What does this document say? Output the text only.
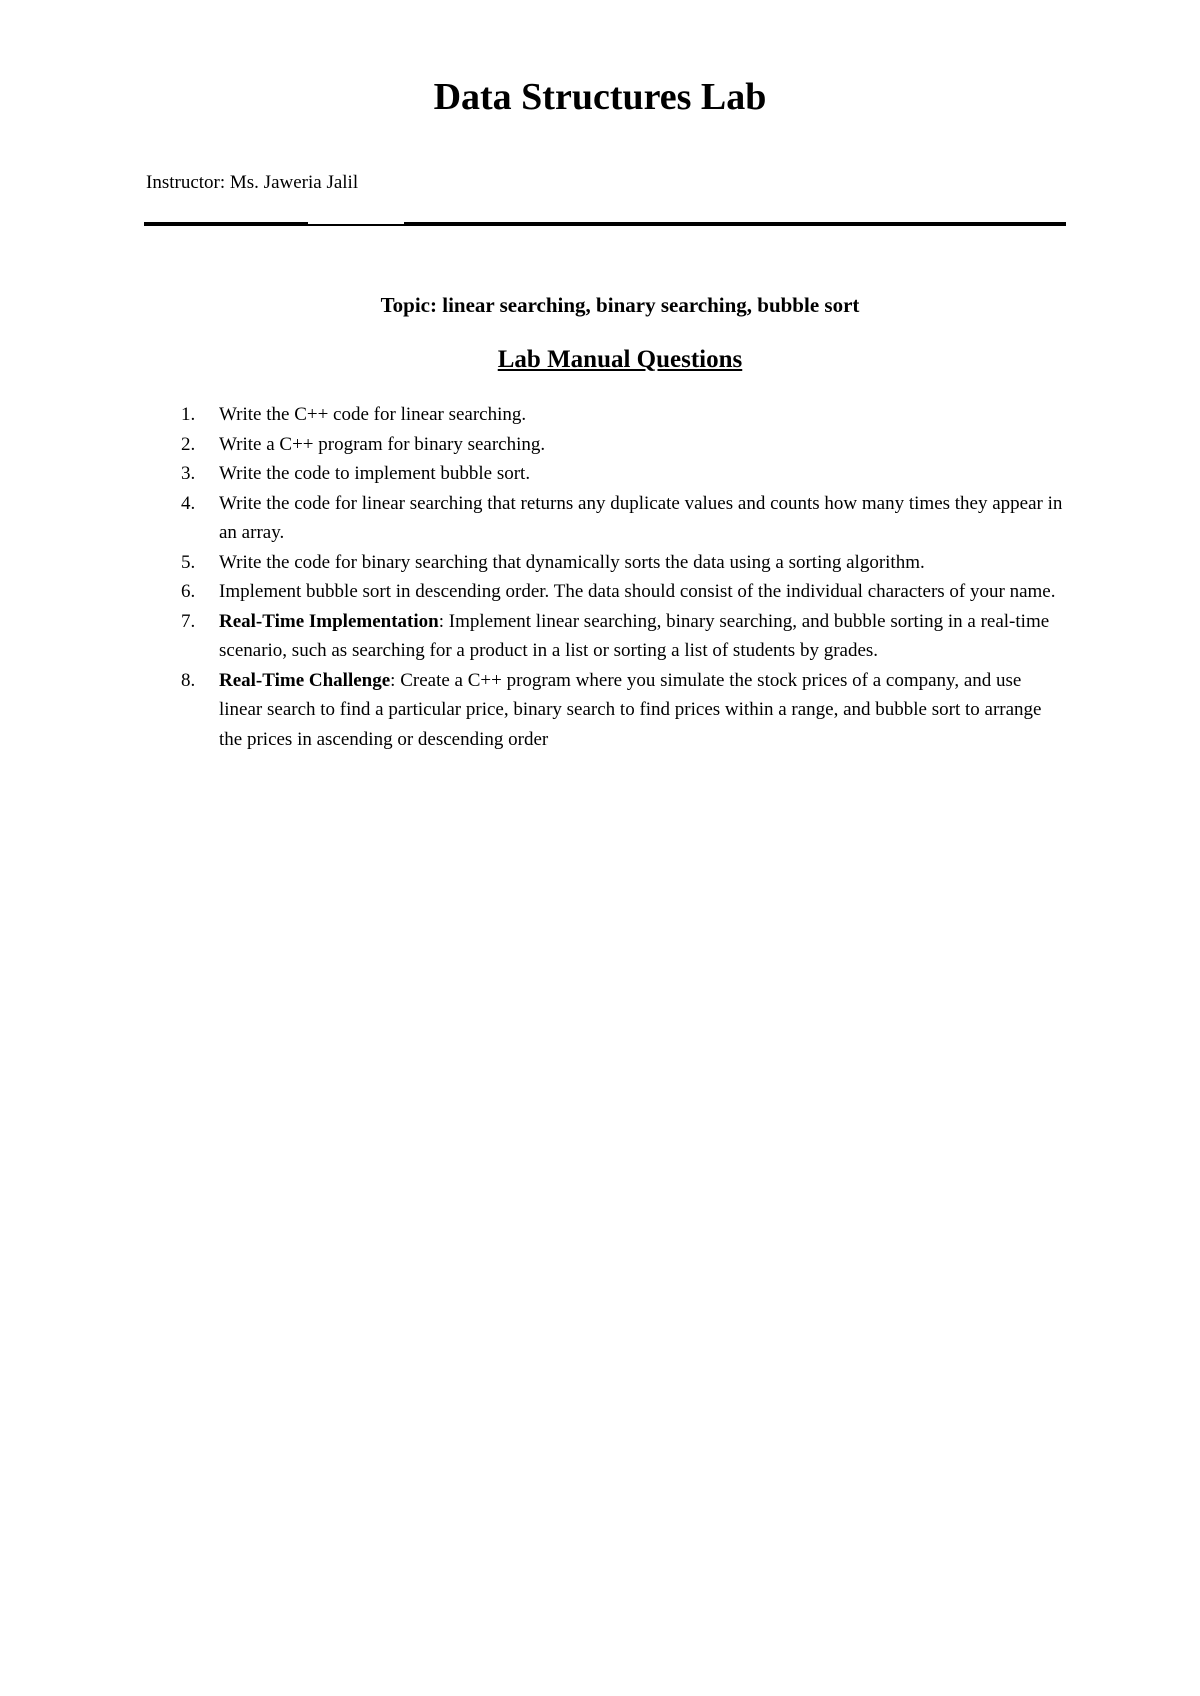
Data Structures Lab
Instructor: Ms. Jaweria Jalil
Topic: linear searching, binary searching, bubble sort
Lab Manual Questions
1. Write the C++ code for linear searching.
2. Write a C++ program for binary searching.
3. Write the code to implement bubble sort.
4. Write the code for linear searching that returns any duplicate values and counts how many times they appear in an array.
5. Write the code for binary searching that dynamically sorts the data using a sorting algorithm.
6. Implement bubble sort in descending order. The data should consist of the individual characters of your name.
7. Real-Time Implementation: Implement linear searching, binary searching, and bubble sorting in a real-time scenario, such as searching for a product in a list or sorting a list of students by grades.
8. Real-Time Challenge: Create a C++ program where you simulate the stock prices of a company, and use linear search to find a particular price, binary search to find prices within a range, and bubble sort to arrange the prices in ascending or descending order
